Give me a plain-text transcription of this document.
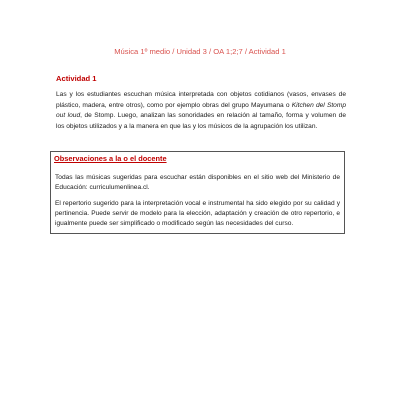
Música 1º medio / Unidad 3 / OA 1;2;7 / Actividad 1

Actividad 1

Las y los estudiantes escuchan música interpretada con objetos cotidianos (vasos, envases de plástico, madera, entre otros), como por ejemplo obras del grupo Mayumana o Kitchen del Stomp out loud, de Stomp. Luego, analizan las sonoridades en relación al tamaño, forma y volumen de los objetos utilizados y a la manera en que las y los músicos de la agrupación los utilizan.

Observaciones a la o el docente

Todas las músicas sugeridas para escuchar están disponibles en el sitio web del Ministerio de Educación: curriculumenlinea.cl.

El repertorio sugerido para la interpretación vocal e instrumental ha sido elegido por su calidad y pertinencia. Puede servir de modelo para la elección, adaptación y creación de otro repertorio, e igualmente puede ser simplificado o modificado según las necesidades del curso.
